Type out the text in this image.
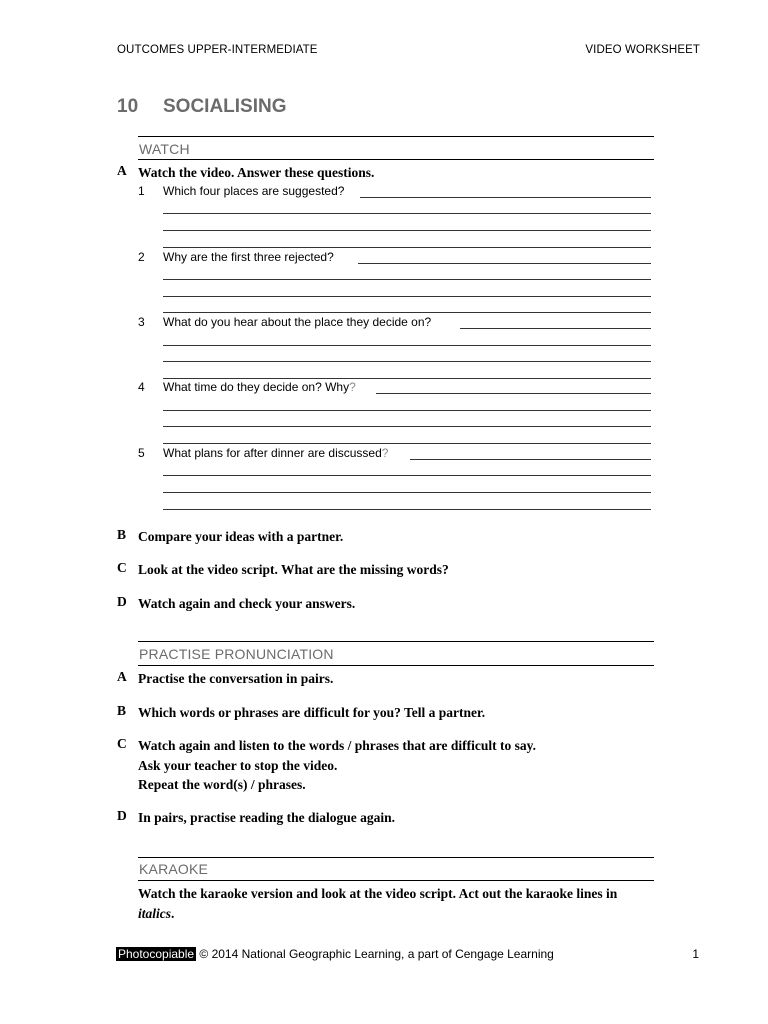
OUTCOMES UPPER-INTERMEDIATE	VIDEO WORKSHEET
10 SOCIALISING
WATCH
A Watch the video. Answer these questions.
1 Which four places are suggested?
2 Why are the first three rejected?
3 What do you hear about the place they decide on?
4 What time do they decide on? Why?
5 What plans for after dinner are discussed?
B Compare your ideas with a partner.
C Look at the video script. What are the missing words?
D Watch again and check your answers.
PRACTISE PRONUNCIATION
A Practise the conversation in pairs.
B Which words or phrases are difficult for you? Tell a partner.
C Watch again and listen to the words / phrases that are difficult to say.
Ask your teacher to stop the video.
Repeat the word(s) / phrases.
D In pairs, practise reading the dialogue again.
KARAOKE
Watch the karaoke version and look at the video script. Act out the karaoke lines in italics.
Photocopiable © 2014 National Geographic Learning, a part of Cengage Learning	1
